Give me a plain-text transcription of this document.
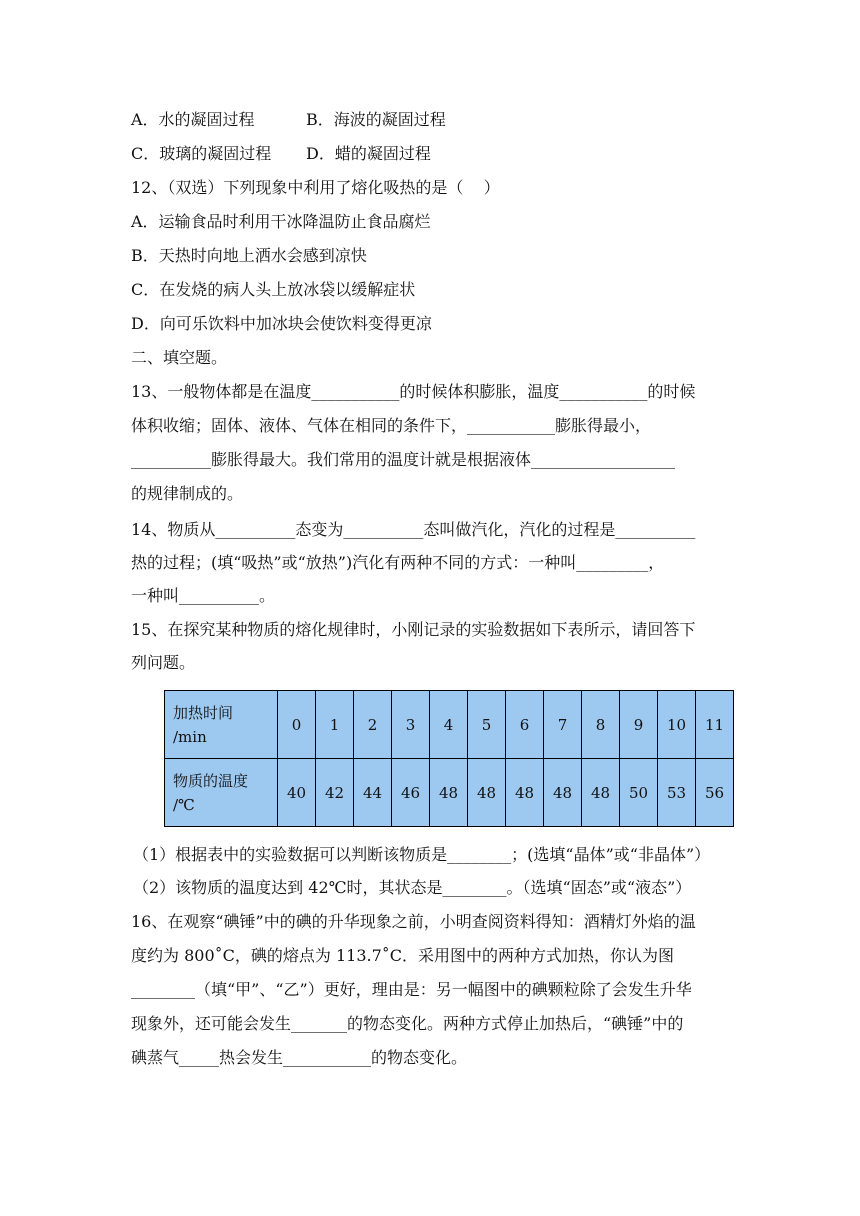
A．水的凝固过程	B．海波的凝固过程
C．玻璃的凝固过程 D．蜡的凝固过程
12、（双选）下列现象中利用了熔化吸热的是（    ）
A．运输食品时利用干冰降温防止食品腐烂
B．天热时向地上洒水会感到凉快
C．在发烧的病人头上放冰袋以缓解症状
D．向可乐饮料中加冰块会使饮料变得更凉
二、填空题。
13、一般物体都是在温度___________的时候体积膨胀，温度___________的时候
体积收缩；固体、液体、气体在相同的条件下，___________膨胀得最小，
__________膨胀得最大。我们常用的温度计就是根据液体__________________
的规律制成的。
14、物质从__________态变为__________态叫做汽化，汽化的过程是__________
热的过程；(填“吸热”或“放热”)汽化有两种不同的方式：一种叫_________，
一种叫__________。
15、在探究某种物质的熔化规律时，小刚记录的实验数据如下表所示，请回答下
列问题。
加热时间
/min	0	1	2	3	4	5	6	7	8	9	10	11

物质的温度
/℃	40	42	44	46	48	48	48	48	48	50	53	56
（1）根据表中的实验数据可以判断该物质是________；(选填“晶体”或“非晶体”）
（2）该物质的温度达到 42℃时，其状态是________。（选填“固态”或“液态”）
16、在观察“碘锤”中的碘的升华现象之前，小明查阅资料得知：酒精灯外焰的温
度约为 800˚C，碘的熔点为 113.7˚C．采用图中的两种方式加热，你认为图
________（填“甲”、“乙”）更好，理由是：另一幅图中的碘颗粒除了会发生升华
现象外，还可能会发生_______的物态变化。两种方式停止加热后，“碘锤”中的
碘蒸气_____热会发生___________的物态变化。
